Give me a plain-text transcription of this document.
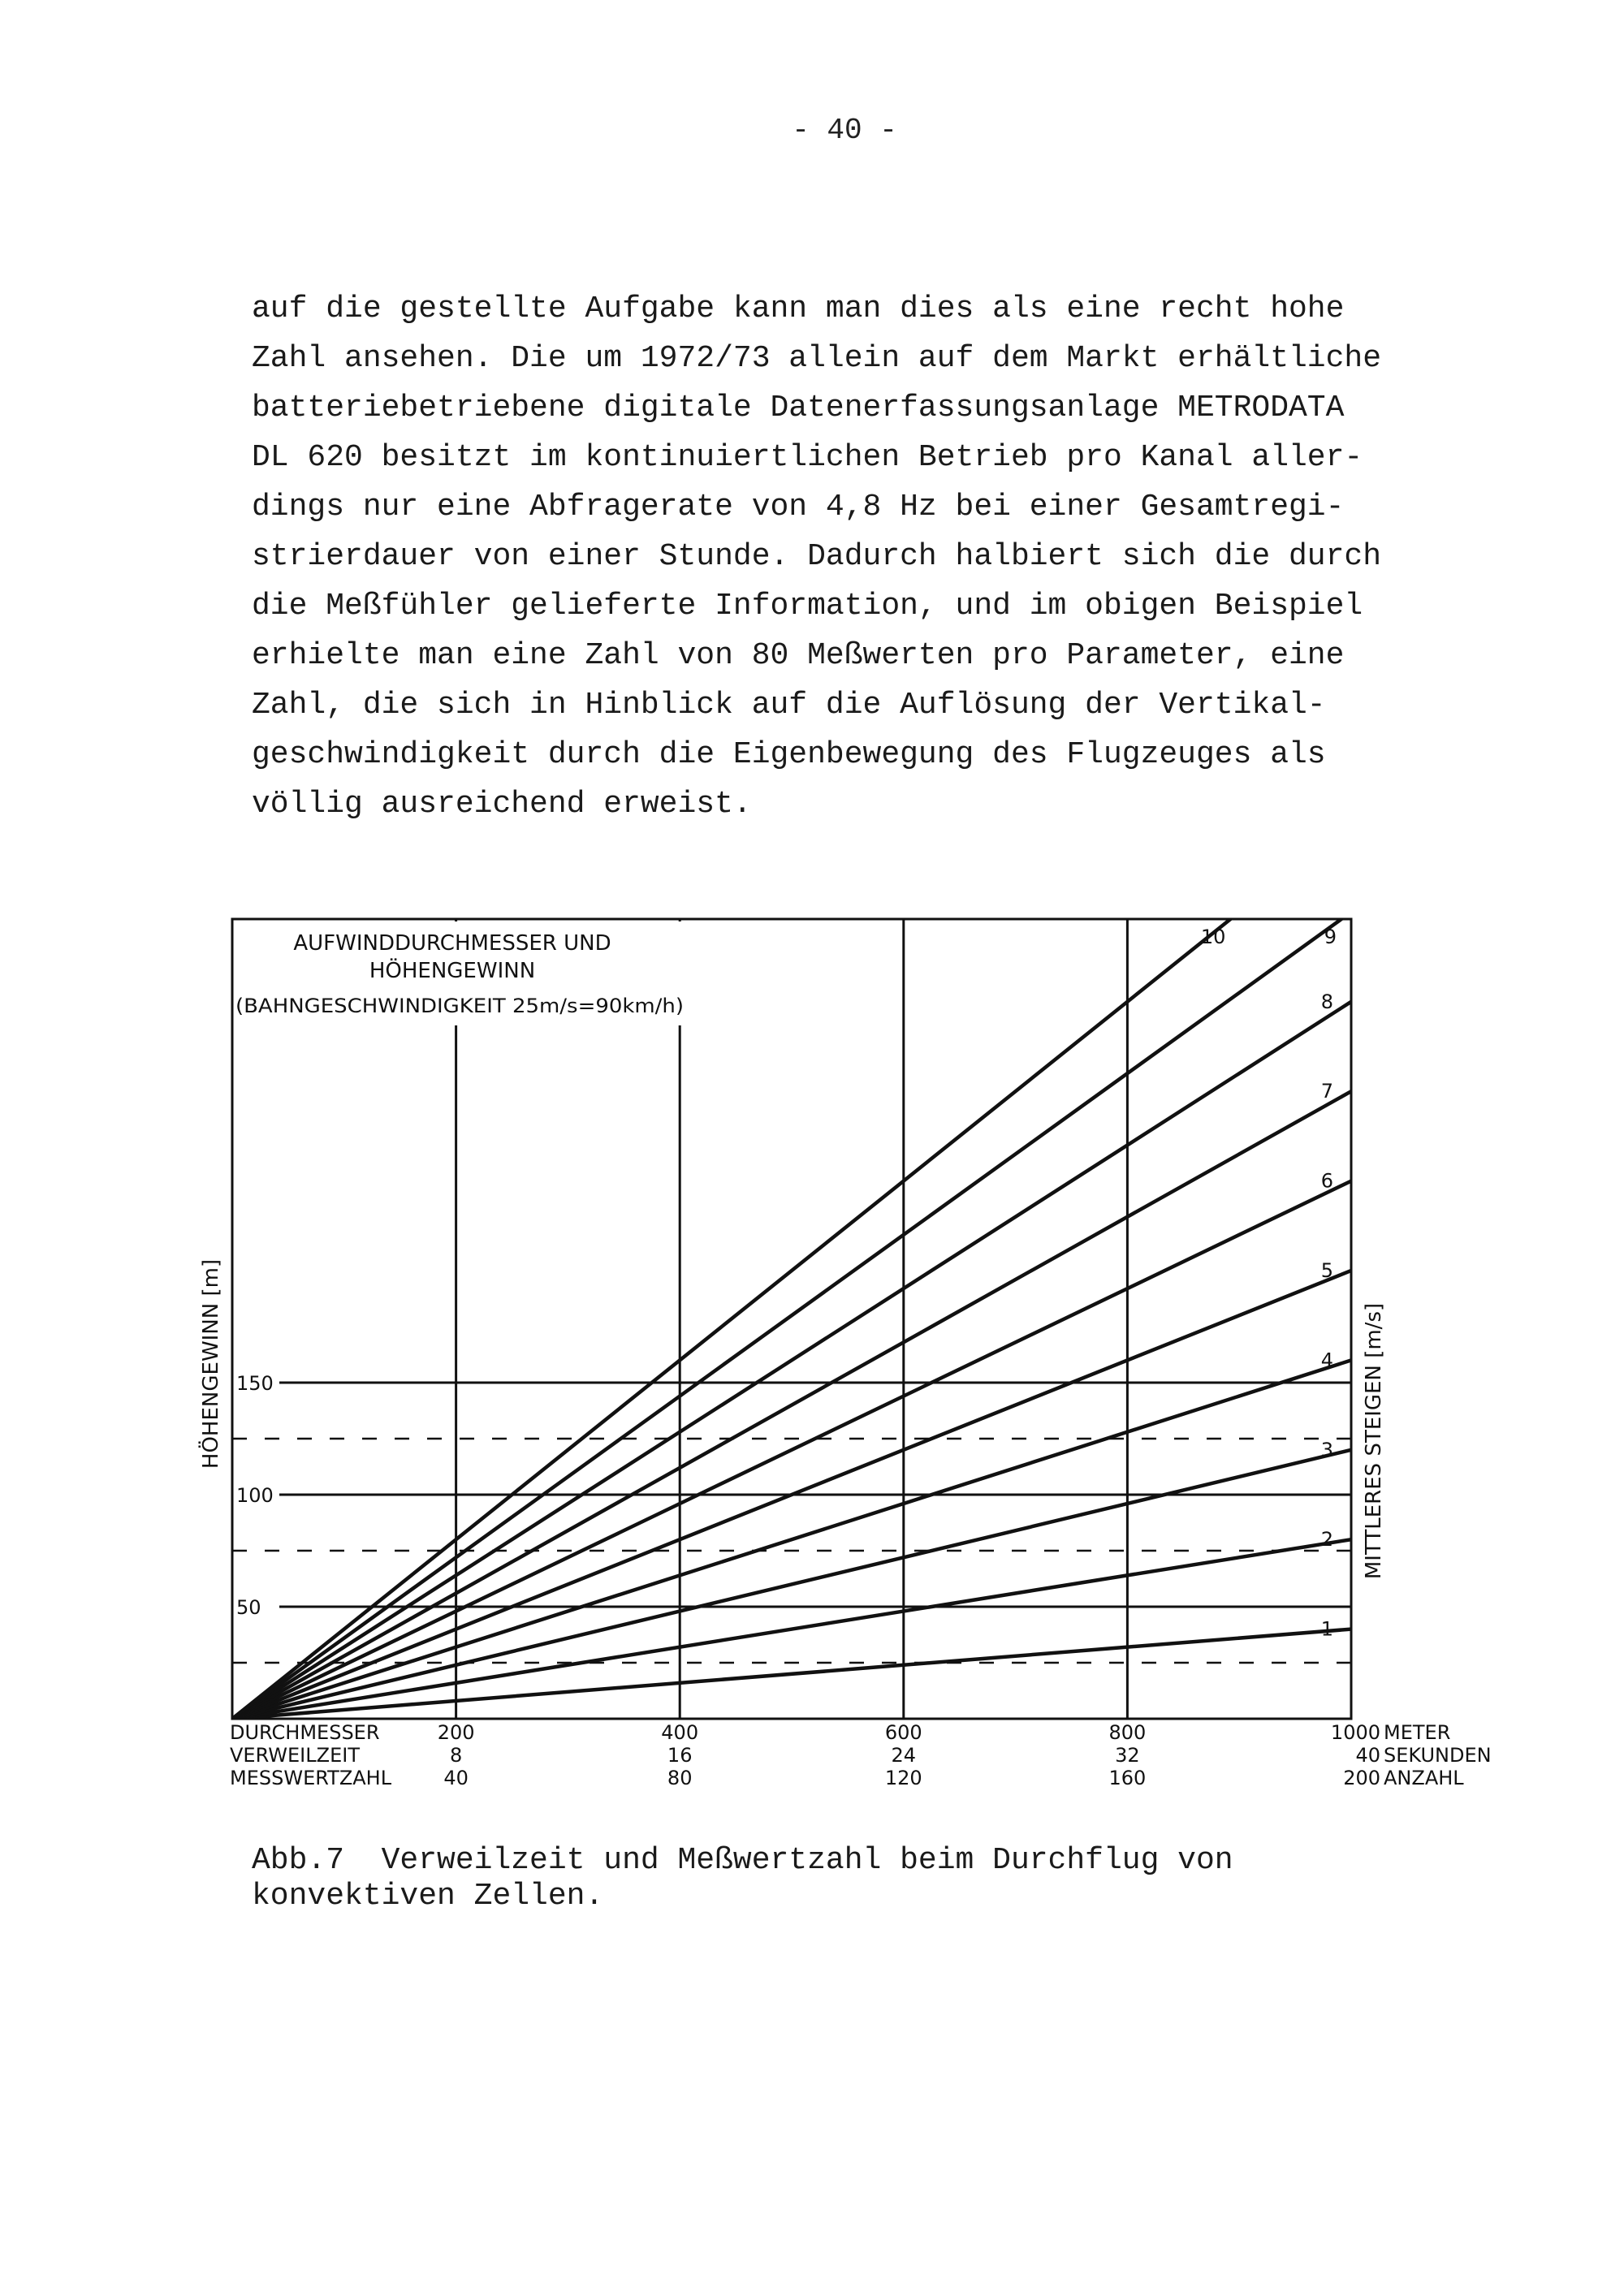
- 40 -

auf die gestellte Aufgabe kann man dies als eine recht hohe

Zahl ansehen. Die um 1972/73 allein auf dem Markt erhältliche

batteriebetriebene digitale Datenerfassungsanlage METRODATA

DL 620 besitzt im kontinuiertlichen Betrieb pro Kanal aller-

dings nur eine Abfragerate von 4,8 Hz bei einer Gesamtregi-

strierdauer von einer Stunde. Dadurch halbiert sich die durch

die Meßfühler gelieferte Information, und im obigen Beispiel

erhielte man eine Zahl von 80 Meßwerten pro Parameter, eine

Zahl, die sich in Hinblick auf die Auflösung der Vertikal-

geschwindigkeit durch die Eigenbewegung des Flugzeuges als

völlig ausreichend erweist.

50
100
150
1
2
3
4
5
6
7
8
9
10
DURCHMESSER	200	400	600	800	1000 METER
VERWEILZEIT	8	16	24	32	40 SEKUNDEN
MESSWERTZAHL	40	80	120	160	200 ANZAHL
AUFWINDDURCHMESSER UND
HÖHENGEWINN
(BAHNGESCHWINDIGKEIT 25m/s=90km/h)
HÖHENGEWINN [m]	MITTLERES STEIGEN [m/s]

Abb.7  Verweilzeit und Meßwertzahl beim Durchflug von

konvektiven Zellen.
